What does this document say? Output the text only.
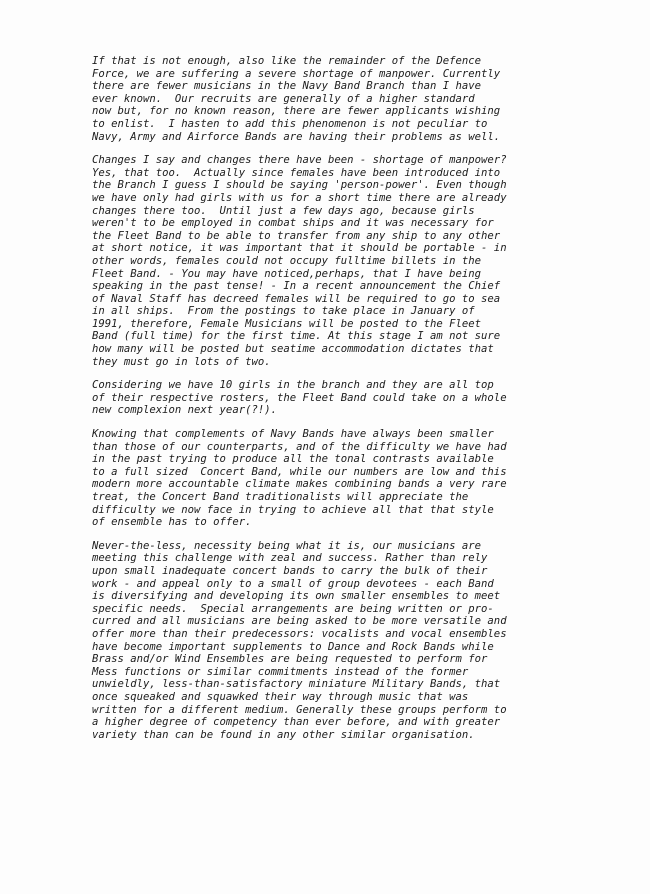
If that is not enough, also like the remainder of the Defence
Force, we are suffering a severe shortage of manpower. Currently
there are fewer musicians in the Navy Band Branch than I have
ever known.  Our recruits are generally of a higher standard
now but, for no known reason, there are fewer applicants wishing
to enlist.  I hasten to add this phenomenon is not peculiar to
Navy, Army and Airforce Bands are having their problems as well.

Changes I say and changes there have been - shortage of manpower?
Yes, that too.  Actually since females have been introduced into
the Branch I guess I should be saying 'person-power'. Even though
we have only had girls with us for a short time there are already
changes there too.  Until just a few days ago, because girls
weren't to be employed in combat ships and it was necessary for
the Fleet Band to be able to transfer from any ship to any other
at short notice, it was important that it should be portable - in
other words, females could not occupy fulltime billets in the
Fleet Band. - You may have noticed,perhaps, that I have being
speaking in the past tense! - In a recent announcement the Chief
of Naval Staff has decreed females will be required to go to sea
in all ships.  From the postings to take place in January of
1991, therefore, Female Musicians will be posted to the Fleet
Band (full time) for the first time. At this stage I am not sure
how many will be posted but seatime accommodation dictates that
they must go in lots of two.

Considering we have 10 girls in the branch and they are all top
of their respective rosters, the Fleet Band could take on a whole
new complexion next year(?!).

Knowing that complements of Navy Bands have always been smaller
than those of our counterparts, and of the difficulty we have had
in the past trying to produce all the tonal contrasts available
to a full sized  Concert Band, while our numbers are low and this
modern more accountable climate makes combining bands a very rare
treat, the Concert Band traditionalists will appreciate the
difficulty we now face in trying to achieve all that that style
of ensemble has to offer.

Never-the-less, necessity being what it is, our musicians are
meeting this challenge with zeal and success. Rather than rely
upon small inadequate concert bands to carry the bulk of their
work - and appeal only to a small of group devotees - each Band
is diversifying and developing its own smaller ensembles to meet
specific needs.  Special arrangements are being written or pro-
curred and all musicians are being asked to be more versatile and
offer more than their predecessors: vocalists and vocal ensembles
have become important supplements to Dance and Rock Bands while
Brass and/or Wind Ensembles are being requested to perform for
Mess functions or similar commitments instead of the former
unwieldly, less-than-satisfactory miniature Military Bands, that
once squeaked and squawked their way through music that was
written for a different medium. Generally these groups perform to
a higher degree of competency than ever before, and with greater
variety than can be found in any other similar organisation.
